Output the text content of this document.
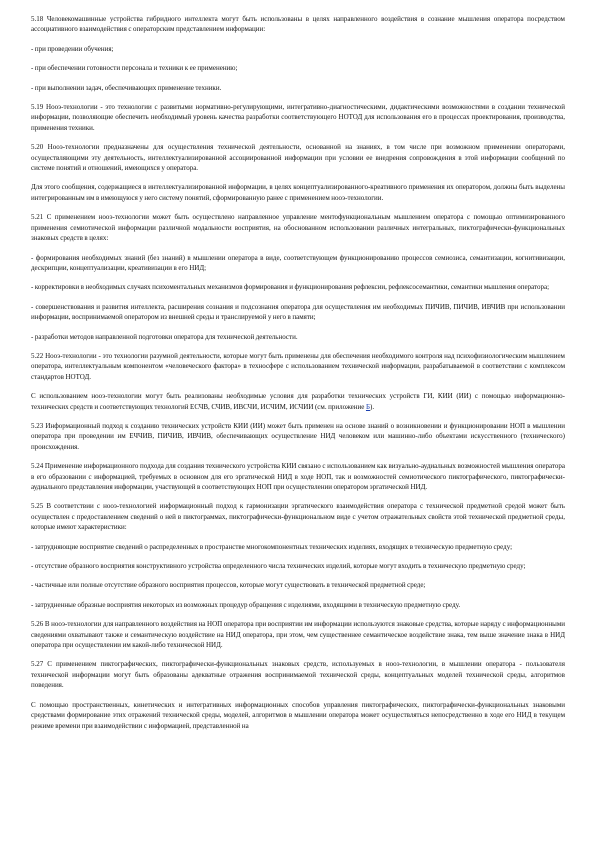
5.18 Человекомашинные устройства гибридного интеллекта могут быть использованы в целях направленного воздействия в сознание мышления оператора посредством ассоциативного взаимодействия с операторским представлением информации:

- при проведении обучения;

- при обеспечении готовности персонала и техники к ее применению;

- при выполнении задач, обеспечивающих применение техники.

5.19 Нооэ-технологии - это технологии с развитыми нормативно-регулирующими, интегративно-диагностическими, дидактическими возможностями в создании технической информации, позволяющие обеспечить необходимый уровень качества разработки соответствующего НОТОД для использования его в процессах проектирования, производства, применения техники.

5.20 Нооэ-технологии предназначены для осуществления технической деятельности, основанной на знаниях, в том числе при возможном применении операторами, осуществляющими эту деятельность, интеллектуализированной ассоциированной информации при условии ее внедрения сопровождения в этой информации сообщений по системе понятий и отношений, имеющихся у оператора.

Для этого сообщения, содержащиеся в интеллектуализированной информации, в целях концептуализированного-креативного применения их оператором, должны быть выделены интегрированным им в имеющуюся у него систему понятий, сформированную ранее с применением нооэ-технологии.

5.21 С применением нооэ-технологии может быть осуществлено направленное управление ментофункциональным мышлением оператора с помощью оптимизированного применения семиотической информации различной модальности восприятия, на обоснованном использовании различных интегральных, пиктографически-функциональных знаковых средств в целях:

- формирования необходимых знаний (без знаний) в мышлении оператора в виде, соответствующем функционированию процессов семиозиса, семантизации, когнитивизации, дескрипции, концептуализации, креативизации в его НИД;

- корректировки в необходимых случаях психоментальных механизмов формирования и функционирования рефлексии, рефлексосемантики, семантики мышления оператора;

- совершенствования и развития интеллекта, расширения сознания и подсознания оператора для осуществления им необходимых ПИЧИВ, ПИЧИВ, ИВЧИВ при использовании информации, воспринимаемой оператором из внешней среды и транслируемой у него в памяти;

- разработки методов направленной подготовки оператора для технической деятельности.

5.22 Нооэ-технологии - это технологии разумной деятельности, которые могут быть применены для обеспечения необходимого контроля над психофизиологическим мышлением оператора, интеллектуальным компонентом «человеческого фактора» в техносфере с использованием технической информации, разрабатываемой в соответствии с комплексом стандартов НОТОД.

С использованием нооэ-технологии могут быть реализованы необходимые условия для разработки технических устройств ГИ, КИИ (ИИ) с помощью информационно-технических средств и соответствующих технологий ЕСЧВ, СЧИВ, ИВСЧИ, ИСЧИМ, ИСЧИИ (см. приложение Б).

5.23 Информационный подход к созданию технических устройств КИИ (ИИ) может быть применен на основе знаний о возникновении и функционировании НОП в мышлении оператора при проведении им ЕЧЧИВ, ПИЧИВ, ИВЧИВ, обеспечивающих осуществление НИД человеком или машинно-либо объектами искусственного (технического) происхождения.

5.24 Применение информационного подхода для создания технического устройства КИИ связано с использованием как визуально-аудиальных возможностей мышления оператора в его образовании с информацией, требуемых в основном для его эргатической НИД в ходе НОП, так и возможностей семиотического пиктографического, пиктографически-аудиального представления информации, участвующей в соответствующих НОП при осуществлении оператором эргатической НИД.

5.25 В соответствии с нооэ-технологией информационный подход к гармонизации эргатического взаимодействия оператора с технической предметной средой может быть осуществлен с предоставлением сведений о ней в пиктограммах, пиктографически-функциональном виде с учетом отражательных свойств этой технической предметной среды, которые имеют характеристики:

- затрудняющие восприятие сведений о распределенных в пространстве многокомпонентных технических изделиях, входящих в техническую предметную среду;

- отсутствие образного восприятия конструктивного устройства определенного числа технических изделий, которые могут входить в техническую предметную среду;

- частичные или полные отсутствие образного восприятия процессов, которые могут существовать в технической предметной среде;

- затрудненные образные восприятия некоторых из возможных процедур обращения с изделиями, входящими в техническую предметную среду.

5.26 В нооэ-технологии для направленного воздействия на НОП оператора при восприятии им информации используются знаковые средства, которые наряду с информационными сведениями охватывают также и семантическую воздействие на НИД оператора, при этом, чем существеннее семантическое воздействие знака, тем выше значение знака в НИД оператора при осуществлении им какой-либо технической НИД.

5.27 С применением пиктографических, пиктографически-функциональных знаковых средств, используемых в нооэ-технологии, в мышлении оператора - пользователя технической информации могут быть образованы адекватные отражения воспринимаемой технической среды, концептуальных моделей технической среды, алгоритмов поведения.

С помощью пространственных, кинетических и интегративных информационных способов управления пиктографических, пиктографически-функциональных знаковыми средствами формирование этих отражений технической среды, моделей, алгоритмов в мышлении оператора может осуществляться непосредственно в ходе его НИД в текущем режиме времени при взаимодействии с информацией, представленной на
